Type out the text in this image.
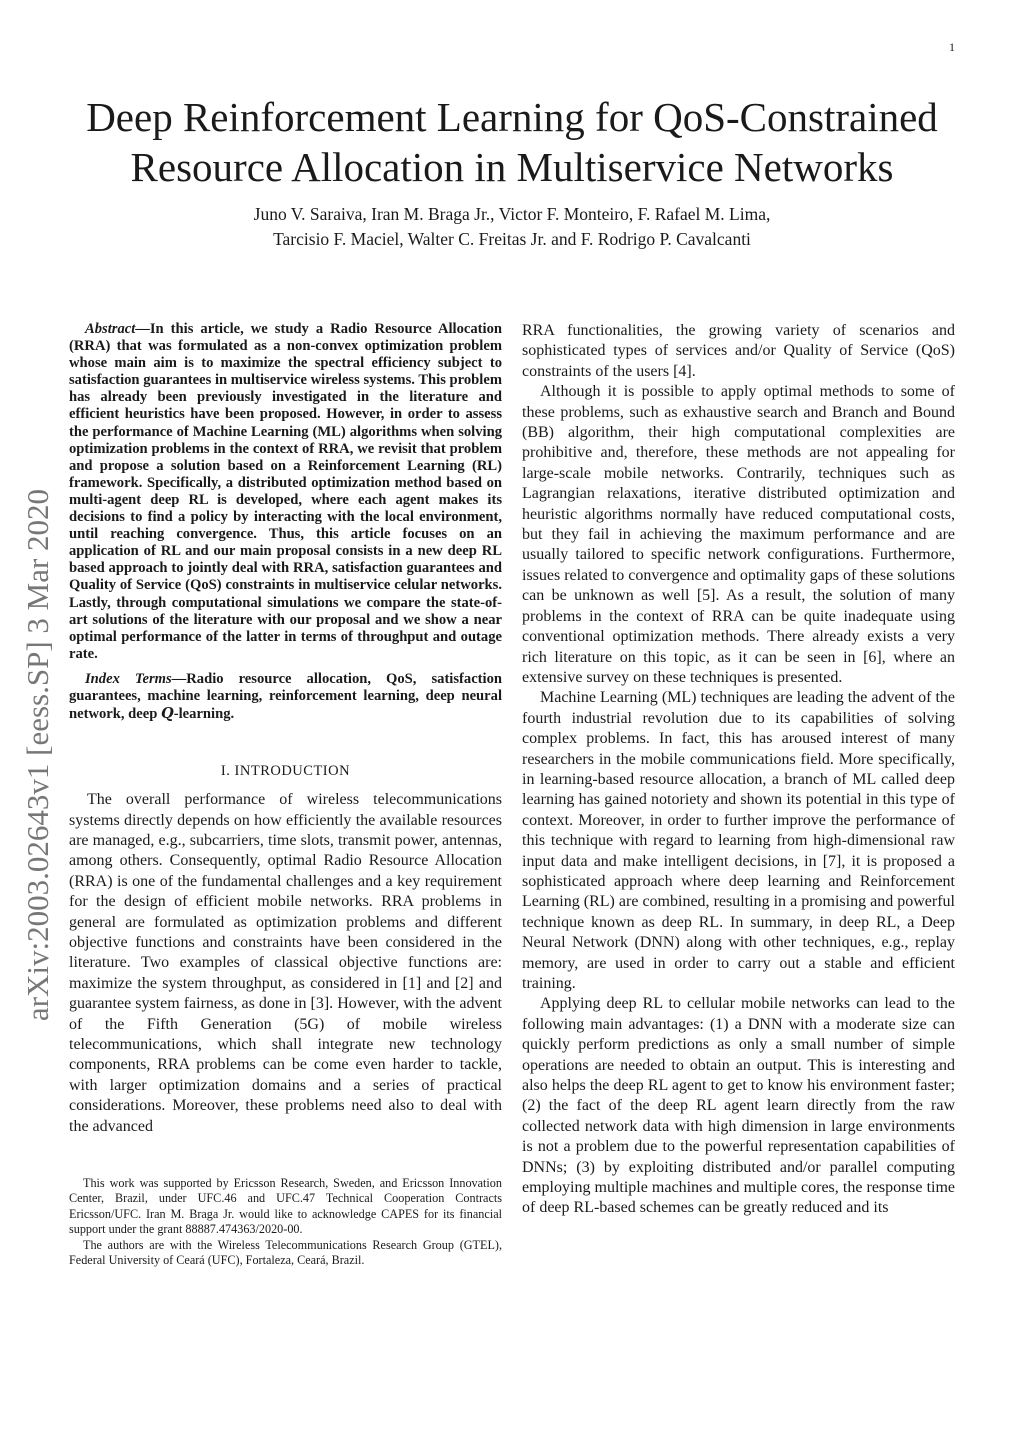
1
Deep Reinforcement Learning for QoS-Constrained
Resource Allocation in Multiservice Networks
Juno V. Saraiva, Iran M. Braga Jr., Victor F. Monteiro, F. Rafael M. Lima,
Tarcisio F. Maciel, Walter C. Freitas Jr. and F. Rodrigo P. Cavalcanti
arXiv:2003.02643v1 [eess.SP] 3 Mar 2020

Abstract—In this article, we study a Radio Resource Allocation (RRA) that was formulated as a non-convex optimization problem whose main aim is to maximize the spectral efficiency subject to satisfaction guarantees in multiservice wireless systems. This problem has already been previously investigated in the literature and efficient heuristics have been proposed. However, in order to assess the performance of Machine Learning (ML) algorithms when solving optimization problems in the context of RRA, we revisit that problem and propose a solution based on a Reinforcement Learning (RL) framework. Specifically, a distributed optimization method based on multi-agent deep RL is developed, where each agent makes its decisions to find a policy by interacting with the local environment, until reaching convergence. Thus, this article focuses on an application of RL and our main proposal consists in a new deep RL based approach to jointly deal with RRA, satisfaction guarantees and Quality of Service (QoS) constraints in multiservice celular networks. Lastly, through computational simulations we compare the state-of-art solutions of the literature with our proposal and we show a near optimal performance of the latter in terms of throughput and outage rate.

Index Terms—Radio resource allocation, QoS, satisfaction guarantees, machine learning, reinforcement learning, deep neural network, deep Q-learning.

I. INTRODUCTION

The overall performance of wireless telecommunications systems directly depends on how efficiently the available resources are managed, e.g., subcarriers, time slots, transmit power, antennas, among others. Consequently, optimal Radio Resource Allocation (RRA) is one of the fundamental challenges and a key requirement for the design of efficient mobile networks. RRA problems in general are formulated as optimization problems and different objective functions and constraints have been considered in the literature. Two examples of classical objective functions are: maximize the system throughput, as considered in [1] and [2] and guarantee system fairness, as done in [3]. However, with the advent of the Fifth Generation (5G) of mobile wireless telecommunications, which shall integrate new technology components, RRA problems can be come even harder to tackle, with larger optimization domains and a series of practical considerations. Moreover, these problems need also to deal with the advanced

RRA functionalities, the growing variety of scenarios and sophisticated types of services and/or Quality of Service (QoS) constraints of the users [4].

Although it is possible to apply optimal methods to some of these problems, such as exhaustive search and Branch and Bound (BB) algorithm, their high computational complexities are prohibitive and, therefore, these methods are not appealing for large-scale mobile networks. Contrarily, techniques such as Lagrangian relaxations, iterative distributed optimization and heuristic algorithms normally have reduced computational costs, but they fail in achieving the maximum performance and are usually tailored to specific network configurations. Furthermore, issues related to convergence and optimality gaps of these solutions can be unknown as well [5]. As a result, the solution of many problems in the context of RRA can be quite inadequate using conventional optimization methods. There already exists a very rich literature on this topic, as it can be seen in [6], where an extensive survey on these techniques is presented.

Machine Learning (ML) techniques are leading the advent of the fourth industrial revolution due to its capabilities of solving complex problems. In fact, this has aroused interest of many researchers in the mobile communications field. More specifically, in learning-based resource allocation, a branch of ML called deep learning has gained notoriety and shown its potential in this type of context. Moreover, in order to further improve the performance of this technique with regard to learning from high-dimensional raw input data and make intelligent decisions, in [7], it is proposed a sophisticated approach where deep learning and Reinforcement Learning (RL) are combined, resulting in a promising and powerful technique known as deep RL. In summary, in deep RL, a Deep Neural Network (DNN) along with other techniques, e.g., replay memory, are used in order to carry out a stable and efficient training.

Applying deep RL to cellular mobile networks can lead to the following main advantages: (1) a DNN with a moderate size can quickly perform predictions as only a small number of simple operations are needed to obtain an output. This is interesting and also helps the deep RL agent to get to know his environment faster; (2) the fact of the deep RL agent learn directly from the raw collected network data with high dimension in large environments is not a problem due to the powerful representation capabilities of DNNs; (3) by exploiting distributed and/or parallel computing employing multiple machines and multiple cores, the response time of deep RL-based schemes can be greatly reduced and its

This work was supported by Ericsson Research, Sweden, and Ericsson Innovation Center, Brazil, under UFC.46 and UFC.47 Technical Cooperation Contracts Ericsson/UFC. Iran M. Braga Jr. would like to acknowledge CAPES for its financial support under the grant 88887.474363/2020-00.

The authors are with the Wireless Telecommunications Research Group (GTEL), Federal University of Ceará (UFC), Fortaleza, Ceará, Brazil.
